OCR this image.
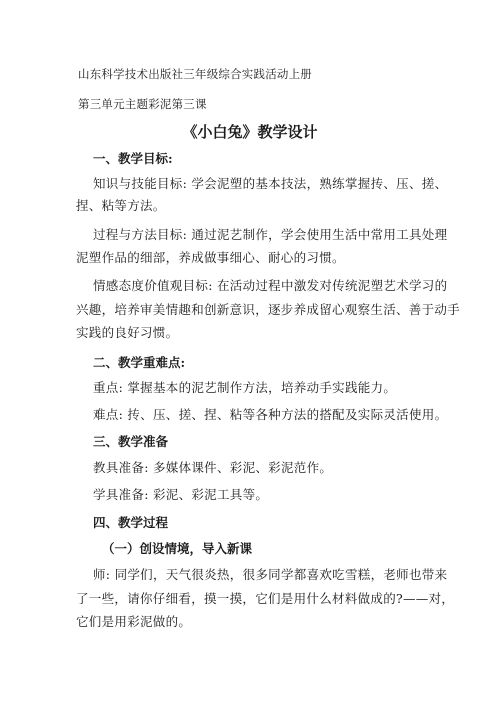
山东科学技术出版社三年级综合实践活动上册
第三单元主题彩泥第三课
《小白兔》教学设计
一、教学目标:
知识与技能目标: 学会泥塑的基本技法，熟练掌握抟、压、搓、
捏、粘等方法。
过程与方法目标: 通过泥艺制作，学会使用生活中常用工具处理
泥塑作品的细部，养成做事细心、耐心的习惯。
情感态度价值观目标: 在活动过程中激发对传统泥塑艺术学习的
兴趣，培养审美情趣和创新意识，逐步养成留心观察生活、善于动手
实践的良好习惯。
二、教学重难点:
重点: 掌握基本的泥艺制作方法，培养动手实践能力。
难点: 抟、压、搓、捏、粘等各种方法的搭配及实际灵活使用。
三、教学准备
教具准备: 多媒体课件、彩泥、彩泥范作。
学具准备: 彩泥、彩泥工具等。
四、教学过程
（一）创设情境，导入新课
师: 同学们，天气很炎热，很多同学都喜欢吃雪糕，老师也带来
了一些，请你仔细看，摸一摸，它们是用什么材料做成的?——对，
它们是用彩泥做的。
